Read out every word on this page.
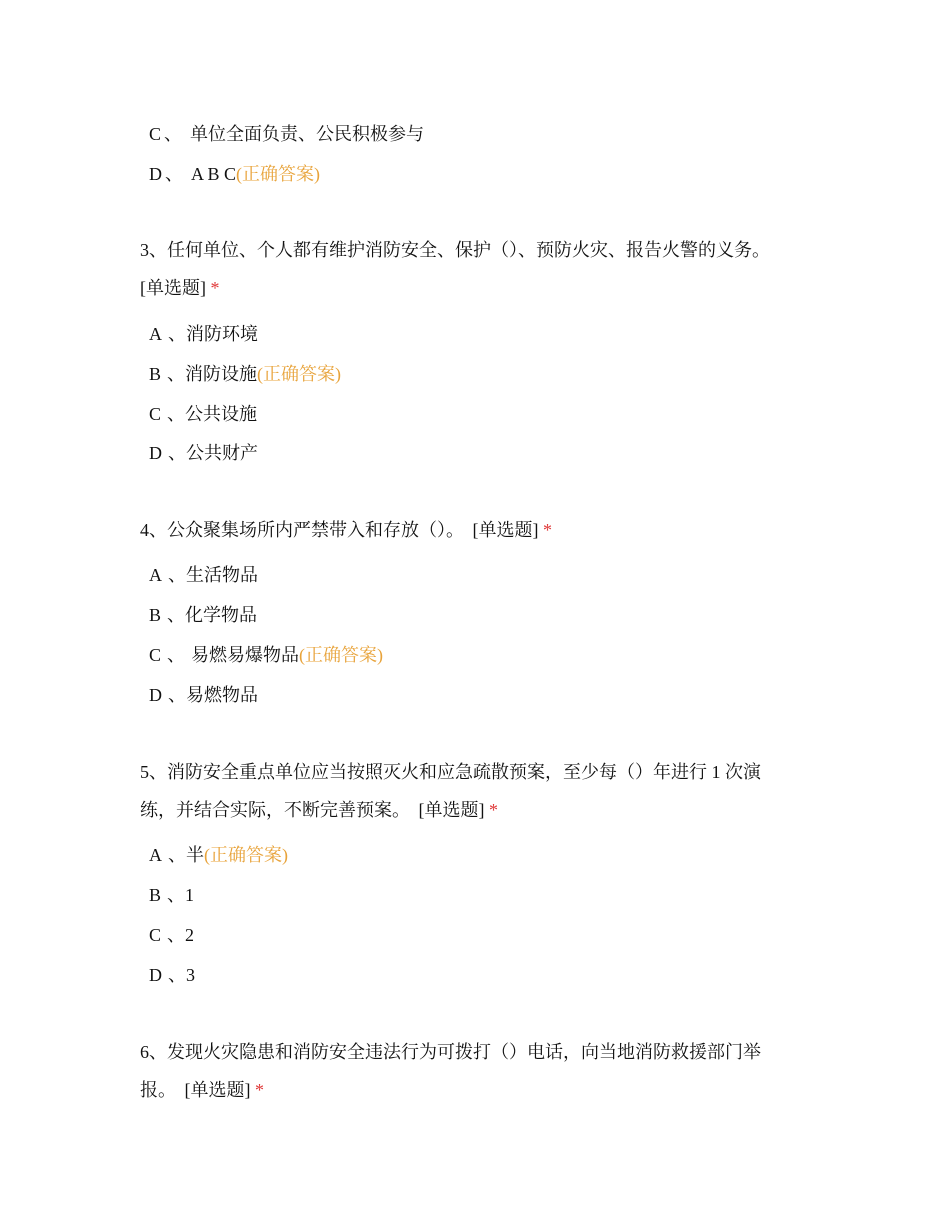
C 、 单位全面负责、公民积极参与
D 、 A B C(正确答案)
3、任何单位、个人都有维护消防安全、保护（）、预防火灾、报告火警的义务。
[单选题] *
A 、消防环境
B 、消防设施(正确答案)
C 、公共设施
D 、公共财产
4、公众聚集场所内严禁带入和存放（）。 [单选题] *
A 、生活物品
B 、化学物品
C 、 易燃易爆物品(正确答案)
D 、易燃物品
5、消防安全重点单位应当按照灭火和应急疏散预案，至少每（）年进行 1 次演
练，并结合实际，不断完善预案。 [单选题] *
A 、半(正确答案)
B 、1
C 、2
D 、3
6、发现火灾隐患和消防安全违法行为可拨打（）电话，向当地消防救援部门举
报。 [单选题] *
